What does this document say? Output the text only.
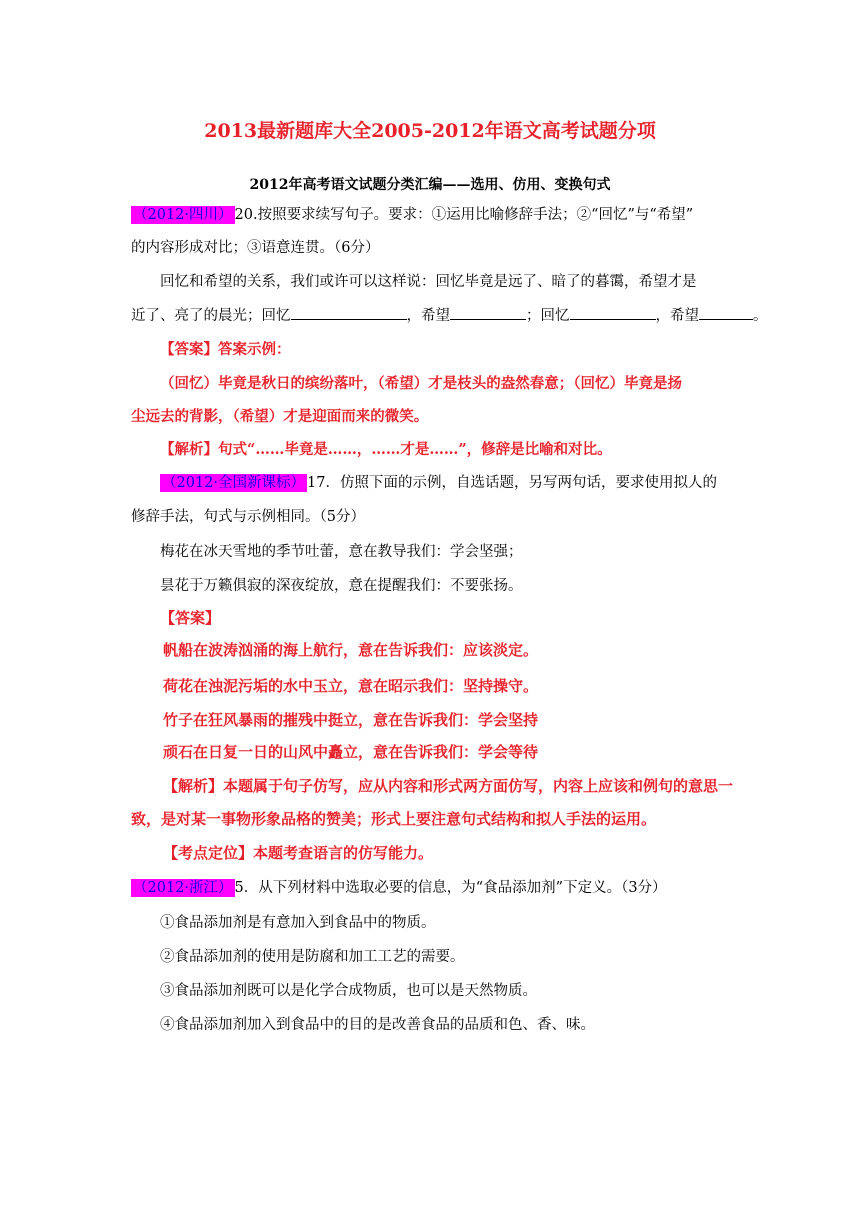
2013最新题库大全2005-2012年语文高考试题分项
2012年高考语文试题分类汇编——选用、仿用、变换句式
（2012·四川） 20.按照要求续写句子。要求：①运用比喻修辞手法；②“回忆”与“希望”
的内容形成对比；③语意连贯。（6分）
回忆和希望的关系，我们或许可以这样说：回忆毕竟是远了、暗了的暮霭，希望才是
近了、亮了的晨光；回忆	，希望	；回忆	，希望	。
【答案】答案示例：
（回忆）毕竟是秋日的缤纷落叶，（希望）才是枝头的盎然春意；（回忆）毕竟是扬
尘远去的背影，（希望）才是迎面而来的微笑。
【解析】句式“……毕竟是……，……才是……”，修辞是比喻和对比。
（2012·全国新课标） 17．仿照下面的示例，自选话题，另写两句话，要求使用拟人的
修辞手法，句式与示例相同。（5分）
梅花在冰天雪地的季节吐蕾，意在教导我们：学会坚强；
昙花于万籁俱寂的深夜绽放，意在提醒我们：不要张扬。
【答案】
帆船在波涛汹涌的海上航行，意在告诉我们：应该淡定。
荷花在浊泥污垢的水中玉立，意在昭示我们：坚持操守。
竹子在狂风暴雨的摧残中挺立，意在告诉我们：学会坚持
顽石在日复一日的山风中矗立，意在告诉我们：学会等待
【解析】本题属于句子仿写，应从内容和形式两方面仿写，内容上应该和例句的意思一
致，是对某一事物形象品格的赞美；形式上要注意句式结构和拟人手法的运用。
【考点定位】本题考查语言的仿写能力。
（2012·浙江） 5．从下列材料中选取必要的信息，为“食品添加剂”下定义。（3分）
①食品添加剂是有意加入到食品中的物质。
②食品添加剂的使用是防腐和加工工艺的需要。
③食品添加剂既可以是化学合成物质，也可以是天然物质。
④食品添加剂加入到食品中的目的是改善食品的品质和色、香、味。
